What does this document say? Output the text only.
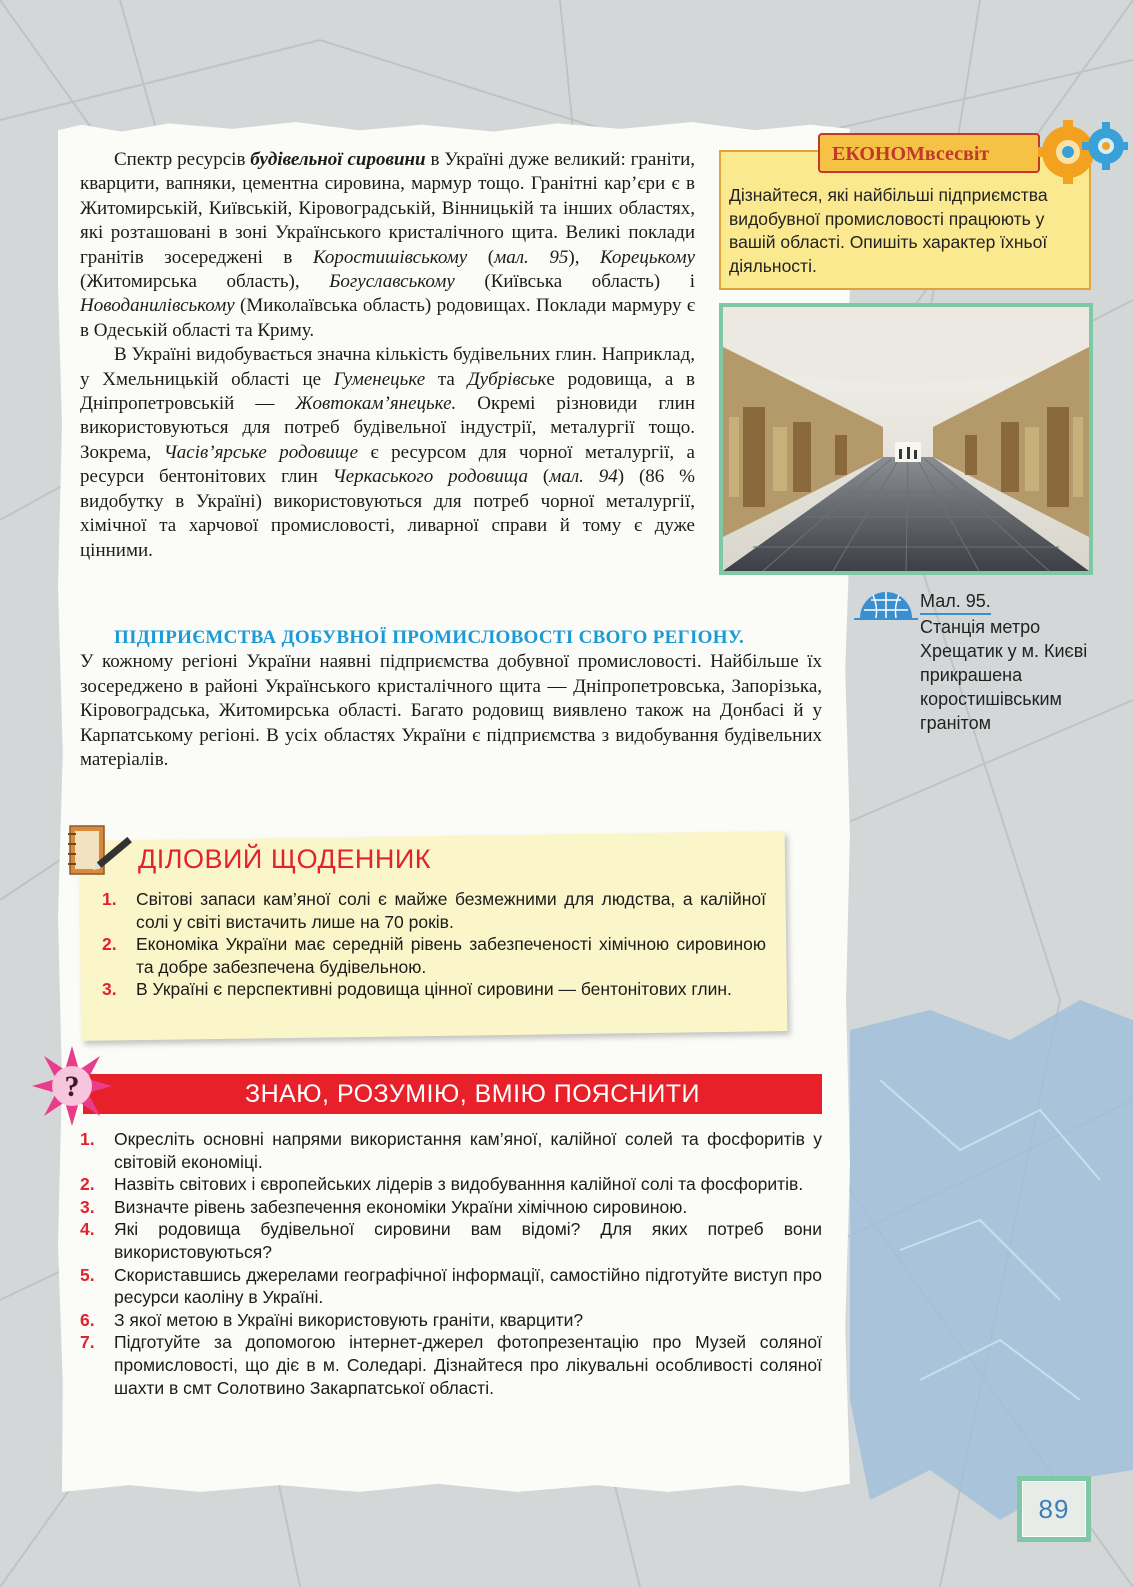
Спектр ресурсів будівельної сировини в Україні дуже великий: граніти, кварцити, вапняки, цементна сировина, мармур тощо. Гранітні кар’єри є в Житомирській, Київській, Кіровоградській, Вінницькій та інших областях, які розташовані в зоні Українського кристалічного щита. Великі поклади гранітів зосереджені в Коростишівському (мал. 95), Корецькому (Житомирська область), Богуславському (Київська область) і Новоданилівському (Миколаївська область) родовищах. Поклади мармуру є в Одеській області та Криму.

В Україні видобувається значна кількість будівельних глин. Наприклад, у Хмельницькій області це Гуменецьке та Дубрівське родовища, а в Дніпропетровській — Жовтокам’янецьке. Окремі різновиди глин використовуються для потреб будівельної індустрії, металургії тощо. Зокрема, Часів’ярське родовище є ресурсом для чорної металургії, а ресурси бентонітових глин Черкаського родовища (мал. 94) (86 % видобутку в Україні) використовуються для потреб чорної металургії, хімічної та харчової промисловості, ливарної справи й тому є дуже цінними.

ПІДПРИЄМСТВА ДОБУВНОЇ ПРОМИСЛОВОСТІ СВОГО РЕГІОНУ.
У кожному регіоні України наявні підприємства добувної промисловості. Найбільше їх зосереджено в районі Українського кристалічного щита — Дніпропетровська, Запорізька, Кіровоградська, Житомирська області. Багато родовищ виявлено також на Донбасі й у Карпатському регіоні. В усіх областях України є підприємства з видобування будівельних матеріалів.
Дізнайтеся, які найбільші підприємства видобувної промисловості працюють у вашій області. Опишіть характер їхньої діяльності.
ЕКОНОМвсесвіт
Мал. 95.
Станція метро Хрещатик у м. Києві прикрашена коростишівським гранітом
ДІЛОВИЙ ЩОДЕННИК
1. Світові запаси кам’яної солі є майже безмежними для людства, а калійної солі у світі вистачить лише на 70 років.
2. Економіка України має середній рівень забезпеченості хімічною сировиною та добре забезпечена будівельною.
3. В Україні є перспективні родовища цінної сировини — бентонітових глин.
ЗНАЮ, РОЗУМІЮ, ВМІЮ ПОЯСНИТИ
?
1. Окресліть основні напрями використання кам’яної, калійної солей та фосфоритів у світовій економіці.
2. Назвіть світових і європейських лідерів з видобуванння калійної солі та фосфоритів.
3. Визначте рівень забезпечення економіки України хімічною сировиною.
4. Які родовища будівельної сировини вам відомі? Для яких потреб вони використовуються?
5. Скориставшись джерелами географічної інформації, самостійно підготуйте виступ про ресурси каоліну в Україні.
6. З якої метою в Україні використовують граніти, кварцити?
7. Підготуйте за допомогою інтернет-джерел фотопрезентацію про Музей соляної промисловості, що діє в м. Соледарі. Дізнайтеся про лікувальні особливості соляної шахти в смт Солотвино Закарпатської області.
89
